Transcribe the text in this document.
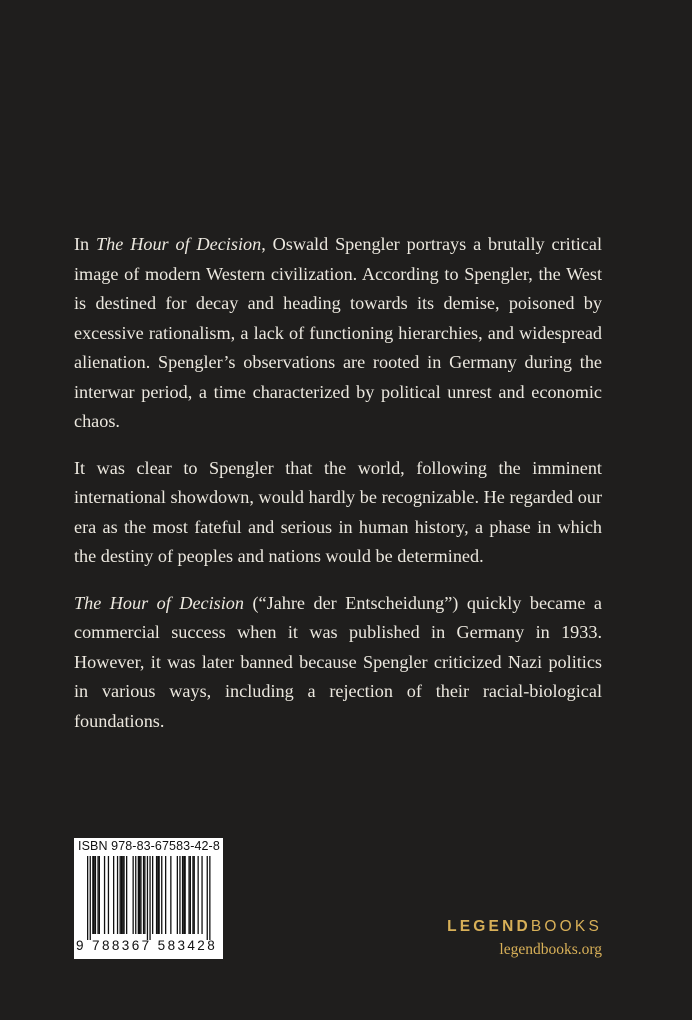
In The Hour of Decision, Oswald Spengler portrays a brutally critical image of modern Western civilization. According to Spengler, the West is destined for decay and heading towards its demise, poisoned by excessive rationalism, a lack of functioning hierarchies, and widespread alienation. Spengler’s observations are rooted in Germany during the interwar period, a time characterized by political unrest and economic chaos.

It was clear to Spengler that the world, following the imminent international showdown, would hardly be recognizable. He regarded our era as the most fateful and serious in human history, a phase in which the destiny of peoples and nations would be determined.

The Hour of Decision (“Jahre der Entscheidung”) quickly became a commercial success when it was published in Germany in 1933. However, it was later banned because Spengler criticized Nazi politics in various ways, including a rejection of their racial-biological foundations.

ISBN 978-83-67583-42-8
9 788367 583428
LEGENDBOOKS
legendbooks.org
